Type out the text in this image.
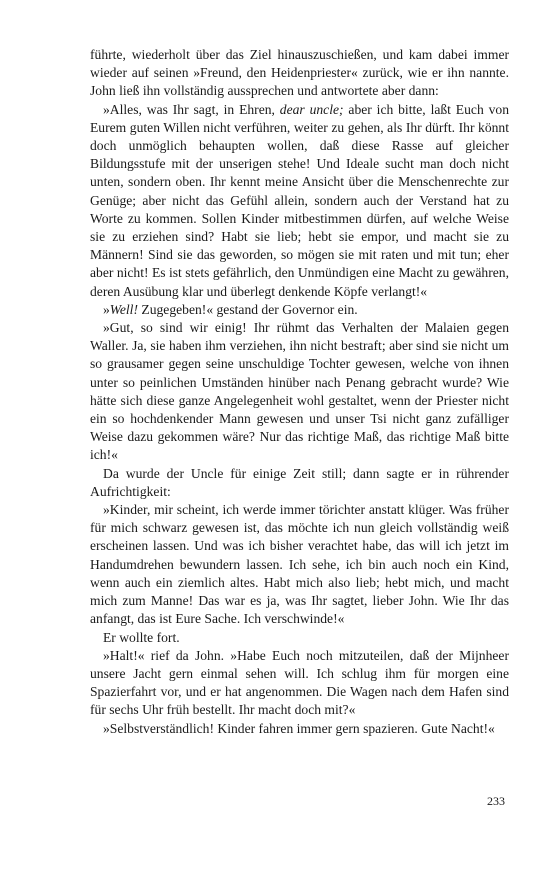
führte, wiederholt über das Ziel hinauszuschießen, und kam dabei immer wieder auf seinen »Freund, den Heidenpriester« zurück, wie er ihn nannte. John ließ ihn vollständig aussprechen und antwortete aber dann:

»Alles, was Ihr sagt, in Ehren, dear uncle; aber ich bitte, laßt Euch von Eurem guten Willen nicht verführen, weiter zu gehen, als Ihr dürft. Ihr könnt doch unmöglich behaupten wollen, daß diese Rasse auf gleicher Bildungsstufe mit der unserigen stehe! Und Ideale sucht man doch nicht unten, sondern oben. Ihr kennt meine Ansicht über die Menschenrechte zur Genüge; aber nicht das Gefühl allein, sondern auch der Verstand hat zu Worte zu kommen. Sollen Kinder mitbestimmen dürfen, auf welche Weise sie zu erziehen sind? Habt sie lieb; hebt sie empor, und macht sie zu Männern! Sind sie das geworden, so mögen sie mit raten und mit tun; eher aber nicht! Es ist stets gefährlich, den Unmündigen eine Macht zu gewähren, deren Ausübung klar und überlegt denkende Köpfe verlangt!«

»Well! Zugegeben!« gestand der Governor ein.

»Gut, so sind wir einig! Ihr rühmt das Verhalten der Malaien gegen Waller. Ja, sie haben ihm verziehen, ihn nicht bestraft; aber sind sie nicht um so grausamer gegen seine unschuldige Tochter gewesen, welche von ihnen unter so peinlichen Umständen hinüber nach Penang gebracht wurde? Wie hätte sich diese ganze Angelegenheit wohl gestaltet, wenn der Priester nicht ein so hochdenkender Mann gewesen und unser Tsi nicht ganz zufälliger Weise dazu gekommen wäre? Nur das richtige Maß, das richtige Maß bitte ich!«

Da wurde der Uncle für einige Zeit still; dann sagte er in rührender Aufrichtigkeit:

»Kinder, mir scheint, ich werde immer törichter anstatt klüger. Was früher für mich schwarz gewesen ist, das möchte ich nun gleich vollständig weiß erscheinen lassen. Und was ich bisher verachtet habe, das will ich jetzt im Handumdrehen bewundern lassen. Ich sehe, ich bin auch noch ein Kind, wenn auch ein ziemlich altes. Habt mich also lieb; hebt mich, und macht mich zum Manne! Das war es ja, was Ihr sagtet, lieber John. Wie Ihr das anfangt, das ist Eure Sache. Ich verschwinde!«

Er wollte fort.

»Halt!« rief da John. »Habe Euch noch mitzuteilen, daß der Mijnheer unsere Jacht gern einmal sehen will. Ich schlug ihm für morgen eine Spazierfahrt vor, und er hat angenommen. Die Wagen nach dem Hafen sind für sechs Uhr früh bestellt. Ihr macht doch mit?«

»Selbstverständlich! Kinder fahren immer gern spazieren. Gute Nacht!«

233
